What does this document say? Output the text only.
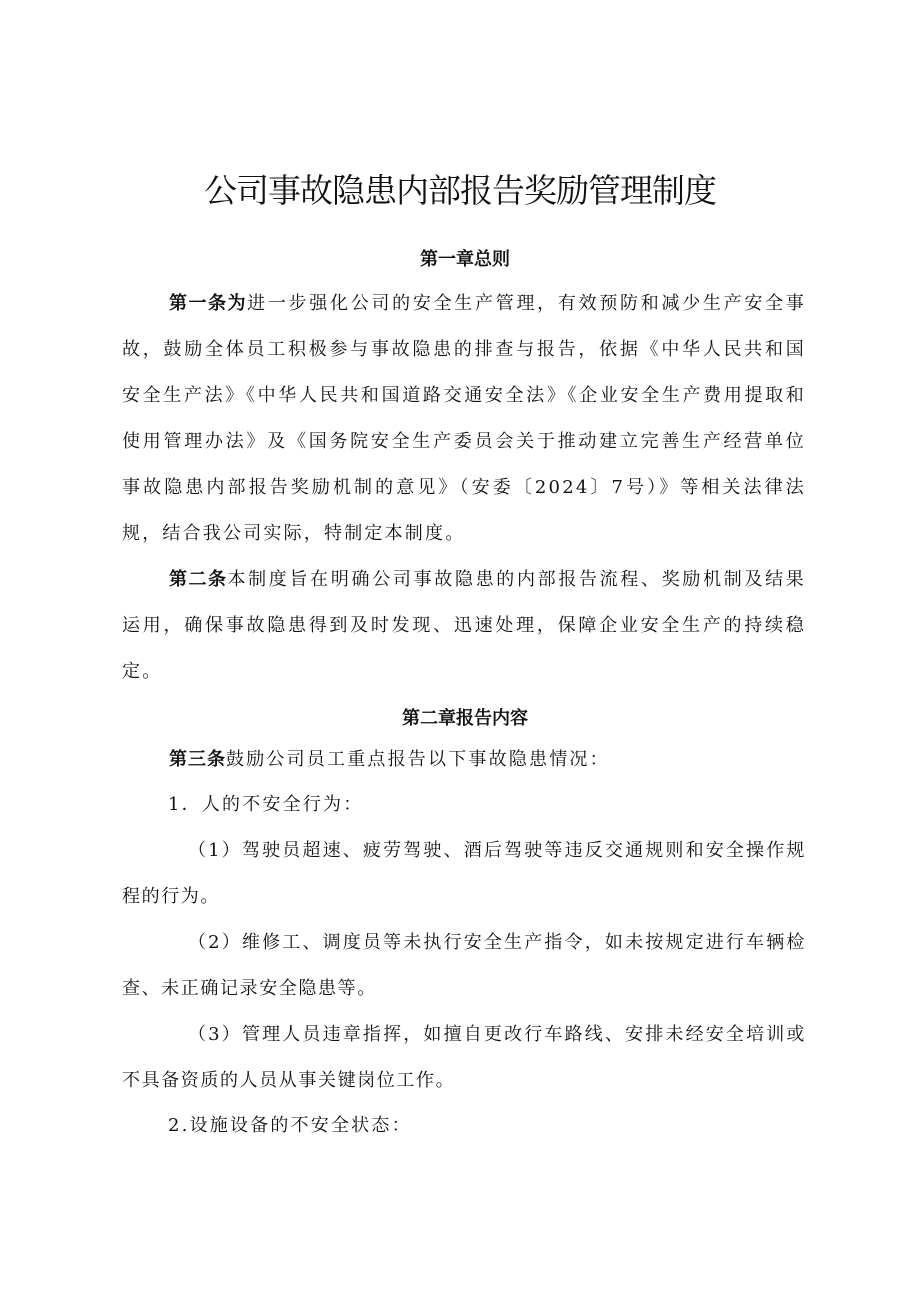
公司事故隐患内部报告奖励管理制度
第一章总则

第一条为进一步强化公司的安全生产管理，有效预防和减少生产安全事故，鼓励全体员工积极参与事故隐患的排查与报告，依据《中华人民共和国安全生产法》《中华人民共和国道路交通安全法》《企业安全生产费用提取和使用管理办法》及《国务院安全生产委员会关于推动建立完善生产经营单位事故隐患内部报告奖励机制的意见》（安委〔2024〕7号）》等相关法律法规，结合我公司实际，特制定本制度。

第二条本制度旨在明确公司事故隐患的内部报告流程、奖励机制及结果运用，确保事故隐患得到及时发现、迅速处理，保障企业安全生产的持续稳定。

第二章报告内容

第三条鼓励公司员工重点报告以下事故隐患情况：

1．人的不安全行为：

（1）驾驶员超速、疲劳驾驶、酒后驾驶等违反交通规则和安全操作规程的行为。

（2）维修工、调度员等未执行安全生产指令，如未按规定进行车辆检查、未正确记录安全隐患等。

（3）管理人员违章指挥，如擅自更改行车路线、安排未经安全培训或不具备资质的人员从事关键岗位工作。

2.设施设备的不安全状态：
